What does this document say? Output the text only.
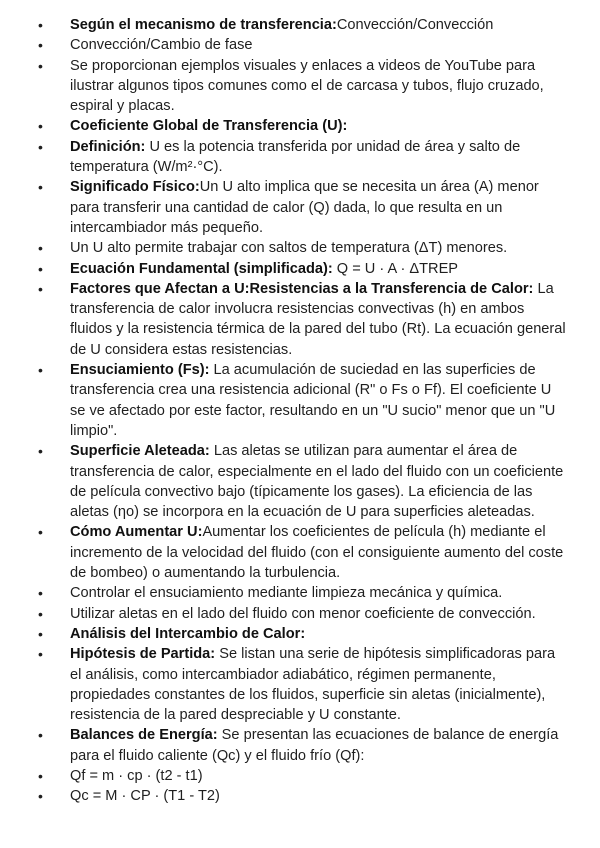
•	Según el mecanismo de transferencia:Convección/Convección
•	Convección/Cambio de fase
•	Se proporcionan ejemplos visuales y enlaces a videos de YouTube para ilustrar algunos tipos comunes como el de carcasa y tubos, flujo cruzado, espiral y placas.
•	Coeficiente Global de Transferencia (U):
•	Definición: U es la potencia transferida por unidad de área y salto de temperatura (W/m²·°C).
•	Significado Físico:Un U alto implica que se necesita un área (A) menor para transferir una cantidad de calor (Q) dada, lo que resulta en un intercambiador más pequeño.
•	Un U alto permite trabajar con saltos de temperatura (ΔT) menores.
•	Ecuación Fundamental (simplificada): Q = U · A · ΔTREP
•	Factores que Afectan a U:Resistencias a la Transferencia de Calor: La transferencia de calor involucra resistencias convectivas (h) en ambos fluidos y la resistencia térmica de la pared del tubo (Rt). La ecuación general de U considera estas resistencias.
•	Ensuciamiento (Fs): La acumulación de suciedad en las superficies de transferencia crea una resistencia adicional (R" o Fs o Ff). El coeficiente U se ve afectado por este factor, resultando en un "U sucio" menor que un "U limpio".
•	Superficie Aleteada: Las aletas se utilizan para aumentar el área de transferencia de calor, especialmente en el lado del fluido con un coeficiente de película convectivo bajo (típicamente los gases). La eficiencia de las aletas (ηo) se incorpora en la ecuación de U para superficies aleteadas.
•	Cómo Aumentar U:Aumentar los coeficientes de película (h) mediante el incremento de la velocidad del fluido (con el consiguiente aumento del coste de bombeo) o aumentando la turbulencia.
•	Controlar el ensuciamiento mediante limpieza mecánica y química.
•	Utilizar aletas en el lado del fluido con menor coeficiente de convección.
•	Análisis del Intercambio de Calor:
•	Hipótesis de Partida: Se listan una serie de hipótesis simplificadoras para el análisis, como intercambiador adiabático, régimen permanente, propiedades constantes de los fluidos, superficie sin aletas (inicialmente), resistencia de la pared despreciable y U constante.
•	Balances de Energía: Se presentan las ecuaciones de balance de energía para el fluido caliente (Qc) y el fluido frío (Qf):
•	Qf = m · cp · (t2 - t1)
•	Qc = M · CP · (T1 - T2)
